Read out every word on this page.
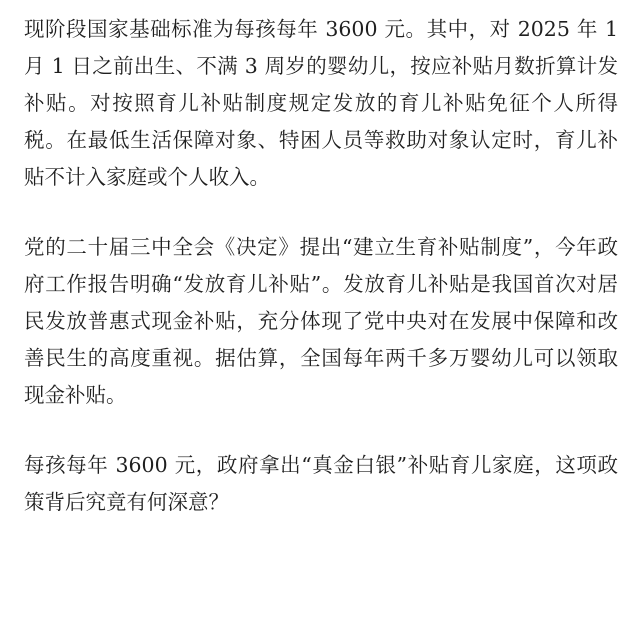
现阶段国家基础标准为每孩每年 3600 元。其中，对 2025 年 1 月 1 日之前出生、不满 3 周岁的婴幼儿，按应补贴月数折算计发补贴。对按照育儿补贴制度规定发放的育儿补贴免征个人所得税。在最低生活保障对象、特困人员等救助对象认定时，育儿补贴不计入家庭或个人收入。

党的二十届三中全会《决定》提出“建立生育补贴制度”，今年政府工作报告明确“发放育儿补贴”。发放育儿补贴是我国首次对居民发放普惠式现金补贴，充分体现了党中央对在发展中保障和改善民生的高度重视。据估算，全国每年两千多万婴幼儿可以领取现金补贴。

每孩每年 3600 元，政府拿出“真金白银”补贴育儿家庭，这项政策背后究竟有何深意？
